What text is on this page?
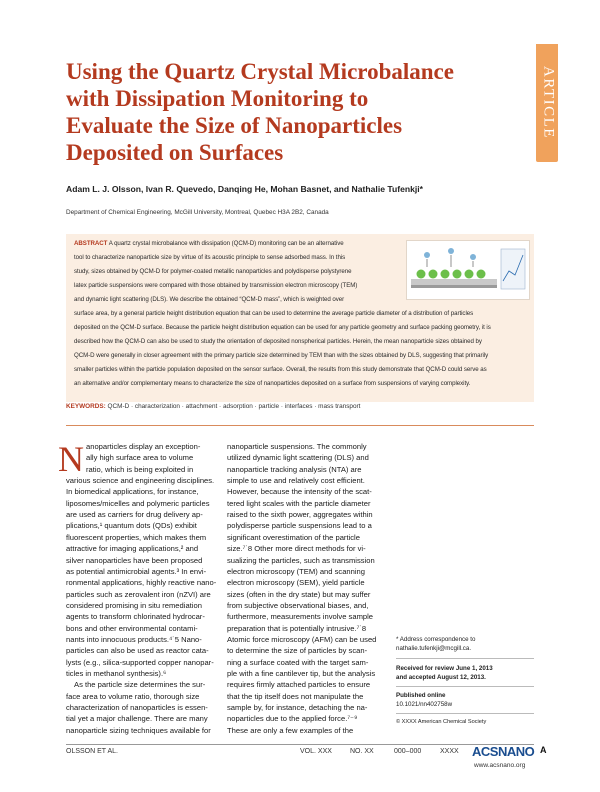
ARTICLE
Using the Quartz Crystal Microbalance
with Dissipation Monitoring to
Evaluate the Size of Nanoparticles
Deposited on Surfaces
Adam L. J. Olsson, Ivan R. Quevedo, Danqing He, Mohan Basnet, and Nathalie Tufenkji*
Department of Chemical Engineering, McGill University, Montreal, Quebec H3A 2B2, Canada
ABSTRACT A quartz crystal microbalance with dissipation (QCM-D) monitoring can be an alternative
tool to characterize nanoparticle size by virtue of its acoustic principle to sense adsorbed mass. In this
study, sizes obtained by QCM-D for polymer-coated metallic nanoparticles and polydisperse polystyrene
latex particle suspensions were compared with those obtained by transmission electron microscopy (TEM)
and dynamic light scattering (DLS). We describe the obtained “QCM-D mass”, which is weighted over
surface area, by a general particle height distribution equation that can be used to determine the average particle diameter of a distribution of particles
deposited on the QCM-D surface. Because the particle height distribution equation can be used for any particle geometry and surface packing geometry, it is
described how the QCM-D can also be used to study the orientation of deposited nonspherical particles. Herein, the mean nanoparticle sizes obtained by
QCM-D were generally in closer agreement with the primary particle size determined by TEM than with the sizes obtained by DLS, suggesting that primarily
smaller particles within the particle population deposited on the sensor surface. Overall, the results from this study demonstrate that QCM-D could serve as
an alternative and/or complementary means to characterize the size of nanoparticles deposited on a surface from suspensions of varying complexity.
KEYWORDS: QCM-D · characterization · attachment · adsorption · particle · interfaces · mass transport
N anoparticles display an exception-
ally high surface area to volume
ratio, which is being exploited in
various science and engineering disciplines.
In biomedical applications, for instance,
liposomes/micelles and polymeric particles
are used as carriers for drug delivery ap-
plications,¹ quantum dots (QDs) exhibit
fluorescent properties, which makes them
attractive for imaging applications,² and
silver nanoparticles have been proposed
as potential antimicrobial agents.³ In envi-
ronmental applications, highly reactive nano-
particles such as zerovalent iron (nZVI) are
considered promising in situ remediation
agents to transform chlorinated hydrocar-
bons and other environmental contami-
nants into innocuous products.⁴˙5 Nano-
particles can also be used as reactor cata-
lysts (e.g., silica-supported copper nanopar-
ticles in methanol synthesis).⁶
As the particle size determines the sur-
face area to volume ratio, thorough size
characterization of nanoparticles is essen-
tial yet a major challenge. There are many
nanoparticle sizing techniques available for
nanoparticle suspensions. The commonly
utilized dynamic light scattering (DLS) and
nanoparticle tracking analysis (NTA) are
simple to use and relatively cost efficient.
However, because the intensity of the scat-
tered light scales with the particle diameter
raised to the sixth power, aggregates within
polydisperse particle suspensions lead to a
significant overestimation of the particle
size.⁷˙8 Other more direct methods for vi-
sualizing the particles, such as transmission
electron microscopy (TEM) and scanning
electron microscopy (SEM), yield particle
sizes (often in the dry state) but may suffer
from subjective observational biases, and,
furthermore, measurements involve sample
preparation that is potentially intrusive.⁷˙8
Atomic force microscopy (AFM) can be used
to determine the size of particles by scan-
ning a surface coated with the target sam-
ple with a fine cantilever tip, but the analysis
requires firmly attached particles to ensure
that the tip itself does not manipulate the
sample by, for instance, detaching the na-
noparticles due to the applied force.⁷⁻⁹
These are only a few examples of the
* Address correspondence to
nathalie.tufenkji@mcgill.ca.
Received for review June 1, 2013
and accepted August 12, 2013.
Published online
10.1021/nn402758w
© XXXX American Chemical Society
OLSSON ET AL.	VOL. XXX	NO. XX	000–000	XXXX ACSNANO
www.acsnano.org
A
